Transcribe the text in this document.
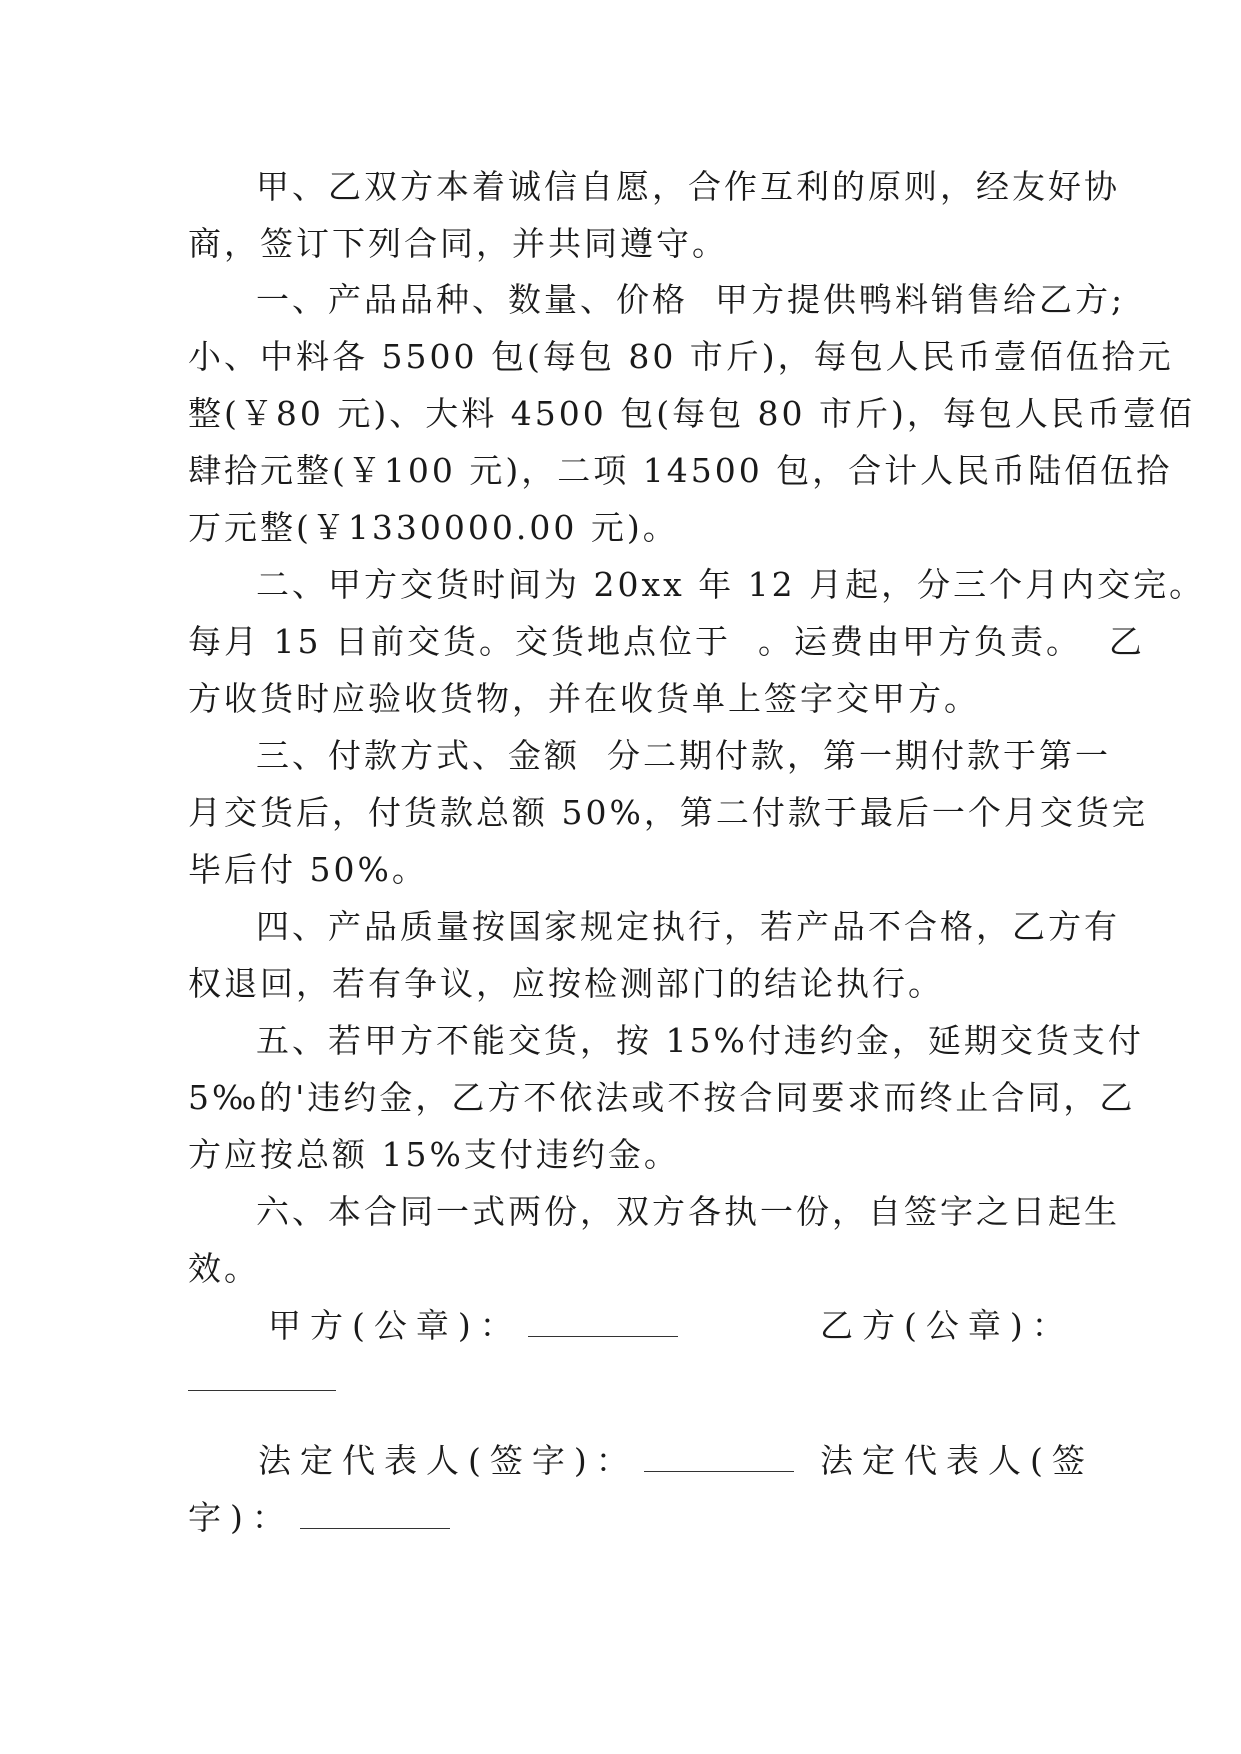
甲、乙双方本着诚信自愿，合作互利的原则，经友好协
商，签订下列合同，并共同遵守。
一、产品品种、数量、价格  甲方提供鸭料销售给乙方;
小、中料各 5500 包(每包 80 市斤)，每包人民币壹佰伍拾元
整(￥80 元)、大料 4500 包(每包 80 市斤)，每包人民币壹佰
肆拾元整(￥100 元)，二项 14500 包，合计人民币陆佰伍拾
万元整(￥1330000.00 元)。
二、甲方交货时间为 20xx 年 12 月起，分三个月内交完。
每月 15 日前交货。交货地点位于  。运费由甲方负责。  乙
方收货时应验收货物，并在收货单上签字交甲方。
三、付款方式、金额  分二期付款，第一期付款于第一
月交货后，付货款总额 50%，第二付款于最后一个月交货完
毕后付 50%。
四、产品质量按国家规定执行，若产品不合格，乙方有
权退回，若有争议，应按检测部门的结论执行。
五、若甲方不能交货，按 15%付违约金，延期交货支付
5‰的'违约金，乙方不依法或不按合同要求而终止合同，乙
方应按总额 15%支付违约金。
六、本合同一式两份，双方各执一份，自签字之日起生
效。
甲方(公章)：	乙方(公章)：
法定代表人(签字)：	法定代表人(签
字)：
